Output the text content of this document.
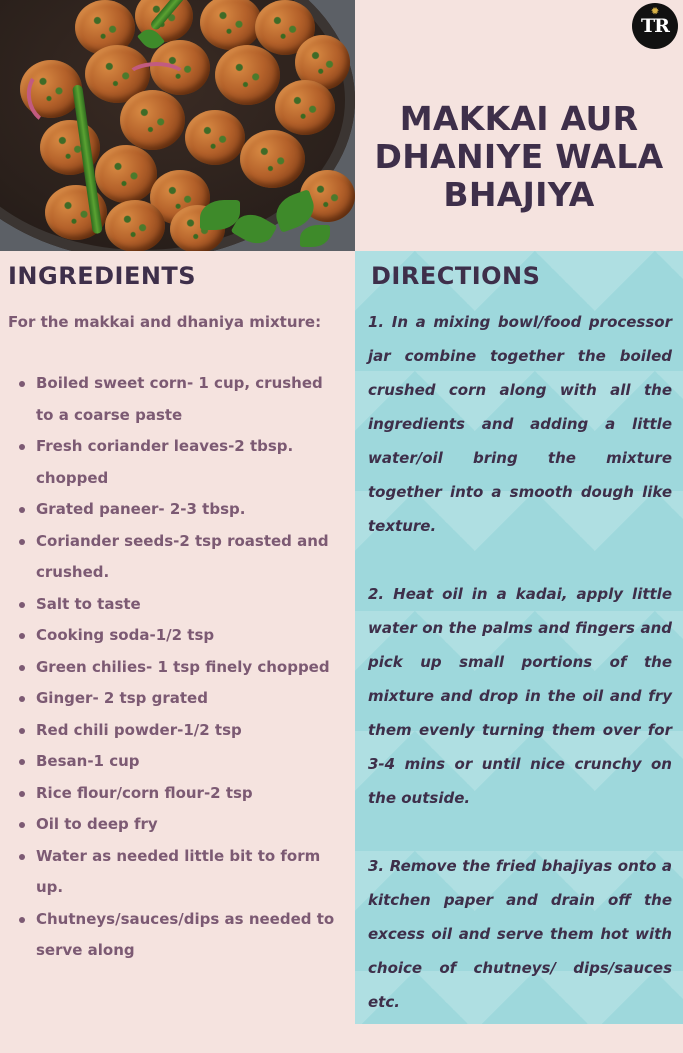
✹
TR
MAKKAI AUR DHANIYE WALA BHAJIYA
INGREDIENTS
For the makkai and dhaniya mixture:
Boiled sweet corn- 1 cup, crushed to a coarse paste
Fresh coriander leaves-2 tbsp. chopped
Grated paneer- 2-3 tbsp.
Coriander seeds-2 tsp roasted and crushed.
Salt to taste
Cooking soda-1/2 tsp
Green chilies- 1 tsp finely chopped
Ginger- 2 tsp grated
Red chili powder-1/2 tsp
Besan-1 cup
Rice flour/corn flour-2 tsp
Oil to deep fry
Water as needed little bit to form up.
Chutneys/sauces/dips as needed to serve along
DIRECTIONS

1. In a mixing bowl/food processor jar combine together the boiled crushed corn along with all the ingredients and adding a little water/oil bring the mixture together into a smooth dough like texture.

2. Heat oil in a kadai, apply little water on the palms and fingers and pick up small portions of the mixture and drop in the oil and fry them evenly turning them over for 3-4 mins or until nice crunchy on the outside.

3. Remove the fried bhajiyas onto a kitchen paper and drain off the excess oil and serve them hot with choice of chutneys/ dips/sauces etc.
